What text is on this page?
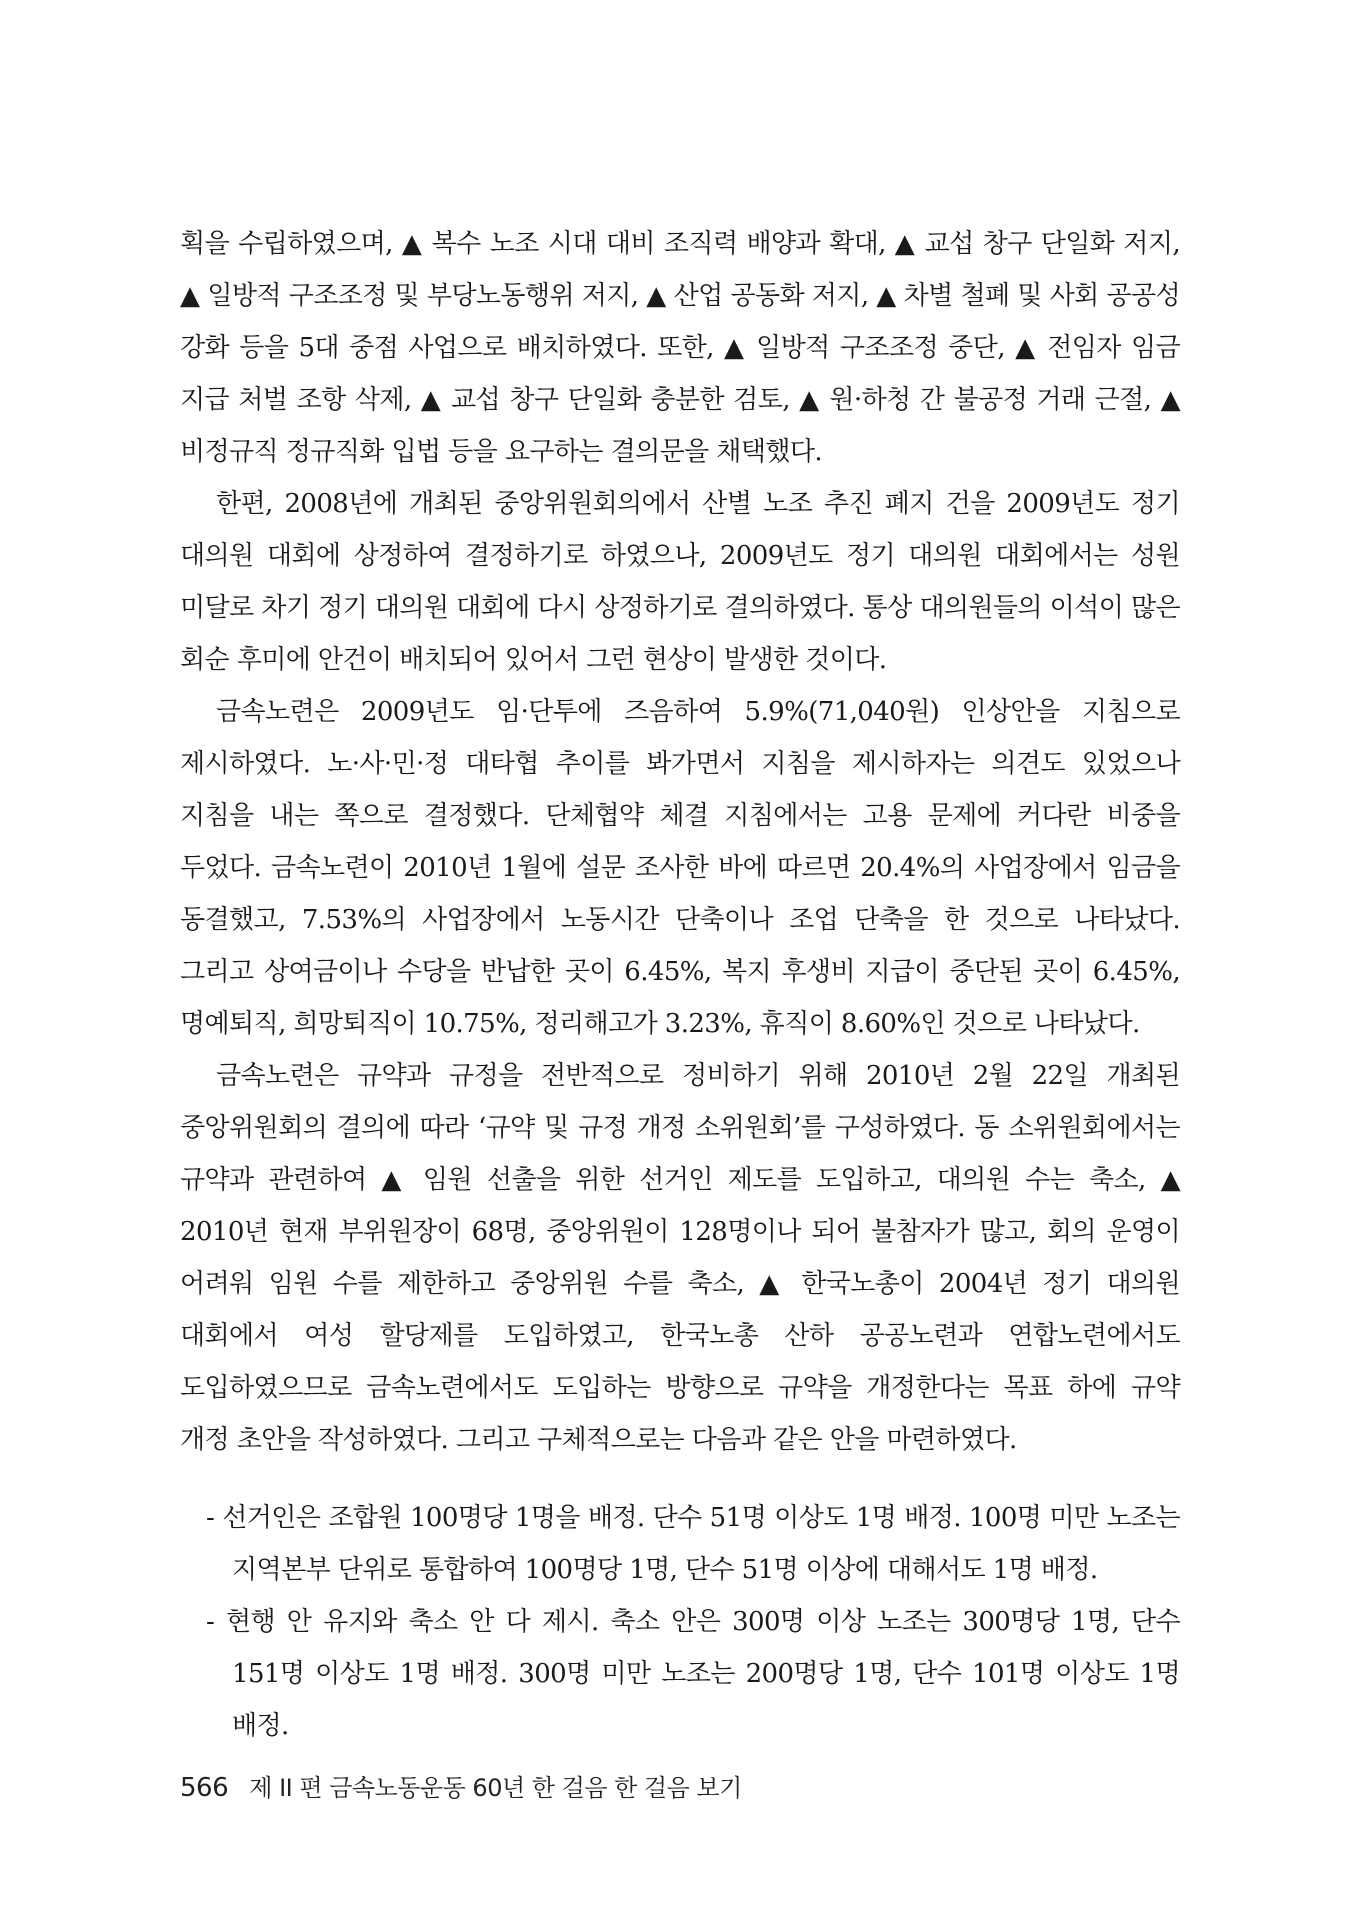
획을 수립하였으며, ▲ 복수 노조 시대 대비 조직력 배양과 확대, ▲ 교섭 창구 단일화 저지, ▲ 일방적 구조조정 및 부당노동행위 저지, ▲ 산업 공동화 저지, ▲ 차별 철폐 및 사회 공공성 강화 등을 5대 중점 사업으로 배치하였다. 또한, ▲ 일방적 구조조정 중단, ▲ 전임자 임금 지급 처벌 조항 삭제, ▲ 교섭 창구 단일화 충분한 검토, ▲ 원·하청 간 불공정 거래 근절, ▲ 비정규직 정규직화 입법 등을 요구하는 결의문을 채택했다.

한편, 2008년에 개최된 중앙위원회의에서 산별 노조 추진 폐지 건을 2009년도 정기 대의원 대회에 상정하여 결정하기로 하였으나, 2009년도 정기 대의원 대회에서는 성원 미달로 차기 정기 대의원 대회에 다시 상정하기로 결의하였다. 통상 대의원들의 이석이 많은 회순 후미에 안건이 배치되어 있어서 그런 현상이 발생한 것이다.

금속노련은 2009년도 임·단투에 즈음하여 5.9%(71,040원) 인상안을 지침으로 제시하였다. 노·사·민·정 대타협 추이를 봐가면서 지침을 제시하자는 의견도 있었으나 지침을 내는 쪽으로 결정했다. 단체협약 체결 지침에서는 고용 문제에 커다란 비중을 두었다. 금속노련이 2010년 1월에 설문 조사한 바에 따르면 20.4%의 사업장에서 임금을 동결했고, 7.53%의 사업장에서 노동시간 단축이나 조업 단축을 한 것으로 나타났다. 그리고 상여금이나 수당을 반납한 곳이 6.45%, 복지 후생비 지급이 중단된 곳이 6.45%, 명예퇴직, 희망퇴직이 10.75%, 정리해고가 3.23%, 휴직이 8.60%인 것으로 나타났다.

금속노련은 규약과 규정을 전반적으로 정비하기 위해 2010년 2월 22일 개최된 중앙위원회의 결의에 따라 ‘규약 및 규정 개정 소위원회’를 구성하였다. 동 소위원회에서는 규약과 관련하여 ▲ 임원 선출을 위한 선거인 제도를 도입하고, 대의원 수는 축소, ▲ 2010년 현재 부위원장이 68명, 중앙위원이 128명이나 되어 불참자가 많고, 회의 운영이 어려워 임원 수를 제한하고 중앙위원 수를 축소, ▲ 한국노총이 2004년 정기 대의원 대회에서 여성 할당제를 도입하였고, 한국노총 산하 공공노련과 연합노련에서도 도입하였으므로 금속노련에서도 도입하는 방향으로 규약을 개정한다는 목표 하에 규약 개정 초안을 작성하였다. 그리고 구체적으로는 다음과 같은 안을 마련하였다.

- 선거인은 조합원 100명당 1명을 배정. 단수 51명 이상도 1명 배정. 100명 미만 노조는 지역본부 단위로 통합하여 100명당 1명, 단수 51명 이상에 대해서도 1명 배정.
- 현행 안 유지와 축소 안 다 제시. 축소 안은 300명 이상 노조는 300명당 1명, 단수 151명 이상도 1명 배정. 300명 미만 노조는 200명당 1명, 단수 101명 이상도 1명 배정.
566 제 II 편 금속노동운동 60년 한 걸음 한 걸음 보기
